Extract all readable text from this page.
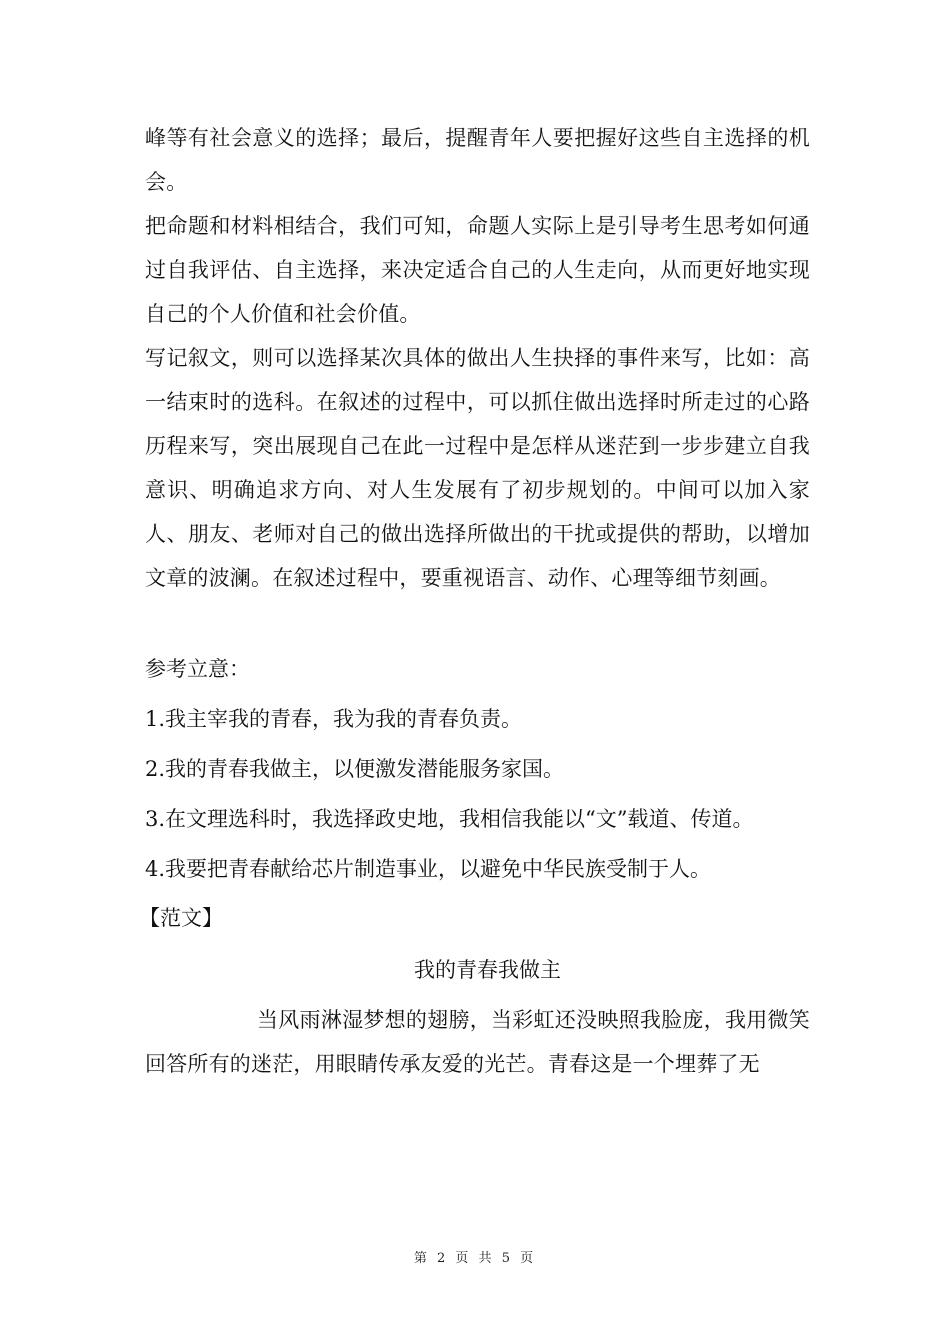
峰等有社会意义的选择；最后，提醒青年人要把握好这些自主选择的机会。

把命题和材料相结合，我们可知，命题人实际上是引导考生思考如何通过自我评估、自主选择，来决定适合自己的人生走向，从而更好地实现自己的个人价值和社会价值。

写记叙文，则可以选择某次具体的做出人生抉择的事件来写，比如：高一结束时的选科。在叙述的过程中，可以抓住做出选择时所走过的心路历程来写，突出展现自己在此一过程中是怎样从迷茫到一步步建立自我意识、明确追求方向、对人生发展有了初步规划的。中间可以加入家人、朋友、老师对自己的做出选择所做出的干扰或提供的帮助，以增加文章的波澜。在叙述过程中，要重视语言、动作、心理等细节刻画。

参考立意：

1.我主宰我的青春，我为我的青春负责。

2.我的青春我做主，以便激发潜能服务家国。

3.在文理选科时，我选择政史地，我相信我能以“文”载道、传道。

4.我要把青春献给芯片制造事业，以避免中华民族受制于人。

【范文】

我的青春我做主

当风雨淋湿梦想的翅膀，当彩虹还没映照我脸庞，我用微笑回答所有的迷茫，用眼睛传承友爱的光芒。青春这是一个埋葬了无

第 2 页 共 5 页
